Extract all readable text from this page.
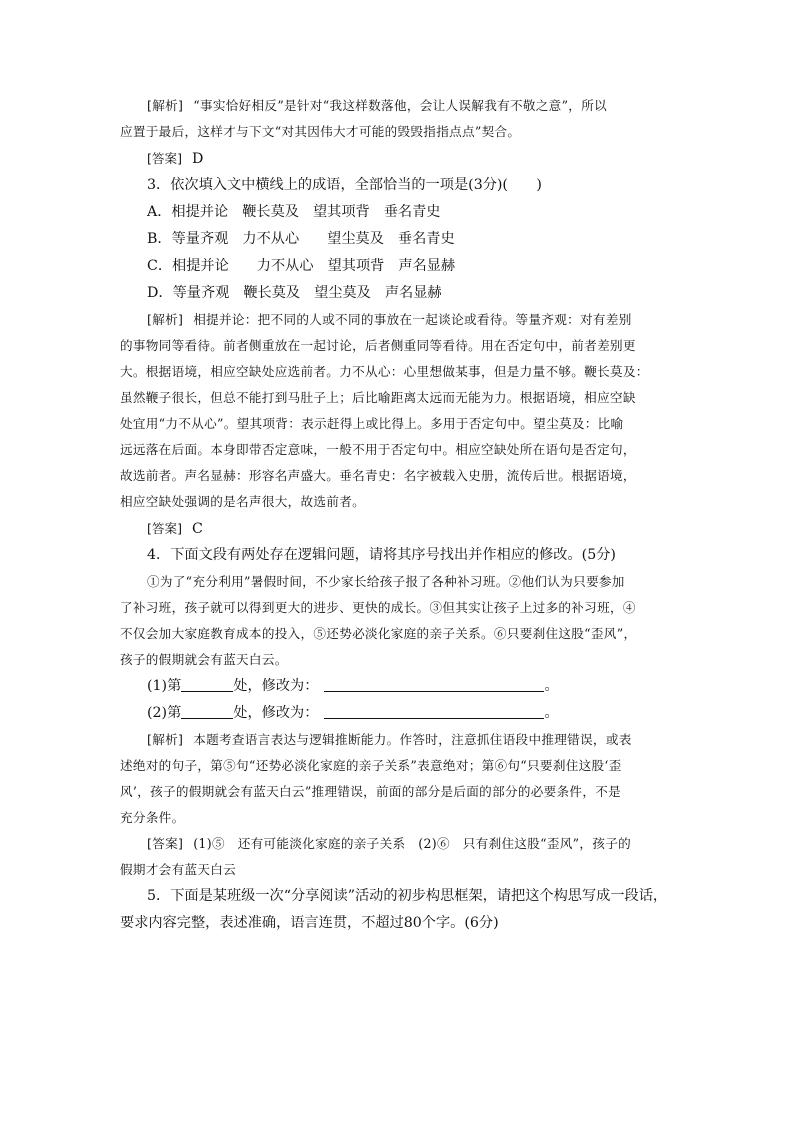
[解析] “事实恰好相反”是针对“我这样数落他，会让人误解我有不敬之意”，所以
应置于最后，这样才与下文“对其因伟大才可能的毁毁指指点点”契合。
[答案] D
3．依次填入文中横线上的成语，全部恰当的一项是(3分)(　　)
A．相提并论 鞭长莫及 望其项背 垂名青史
B．等量齐观 力不从心 望尘莫及 垂名青史
C．相提并论 力不从心 望其项背 声名显赫
D．等量齐观 鞭长莫及 望尘莫及 声名显赫
[解析] 相提并论：把不同的人或不同的事放在一起谈论或看待。等量齐观：对有差别
的事物同等看待。前者侧重放在一起讨论，后者侧重同等看待。用在否定句中，前者差别更
大。根据语境，相应空缺处应选前者。力不从心：心里想做某事，但是力量不够。鞭长莫及：
虽然鞭子很长，但总不能打到马肚子上；后比喻距离太远而无能为力。根据语境，相应空缺
处宜用“力不从心”。望其项背：表示赶得上或比得上。多用于否定句中。望尘莫及：比喻
远远落在后面。本身即带否定意味，一般不用于否定句中。相应空缺处所在语句是否定句，
故选前者。声名显赫：形容名声盛大。垂名青史：名字被载入史册，流传后世。根据语境，
相应空缺处强调的是名声很大，故选前者。
[答案] C
4．下面文段有两处存在逻辑问题，请将其序号找出并作相应的修改。(5分)
①为了“充分利用”暑假时间，不少家长给孩子报了各种补习班。②他们认为只要参加
了补习班，孩子就可以得到更大的进步、更快的成长。③但其实让孩子上过多的补习班，④
不仅会加大家庭教育成本的投入，⑤还势必淡化家庭的亲子关系。⑥只要刹住这股“歪风”，
孩子的假期就会有蓝天白云。
(1)第	处，修改为：	。
(2)第	处，修改为：	。
[解析] 本题考查语言表达与逻辑推断能力。作答时，注意抓住语段中推理错误，或表
述绝对的句子，第⑤句“还势必淡化家庭的亲子关系”表意绝对；第⑥句“只要刹住这股‘歪
风’，孩子的假期就会有蓝天白云”推理错误，前面的部分是后面的部分的必要条件，不是
充分条件。
[答案] (1)⑤　还有可能淡化家庭的亲子关系　(2)⑥　只有刹住这股“歪风”，孩子的
假期才会有蓝天白云
5．下面是某班级一次“分享阅读”活动的初步构思框架，请把这个构思写成一段话，
要求内容完整，表述准确，语言连贯，不超过80个字。(6分)
